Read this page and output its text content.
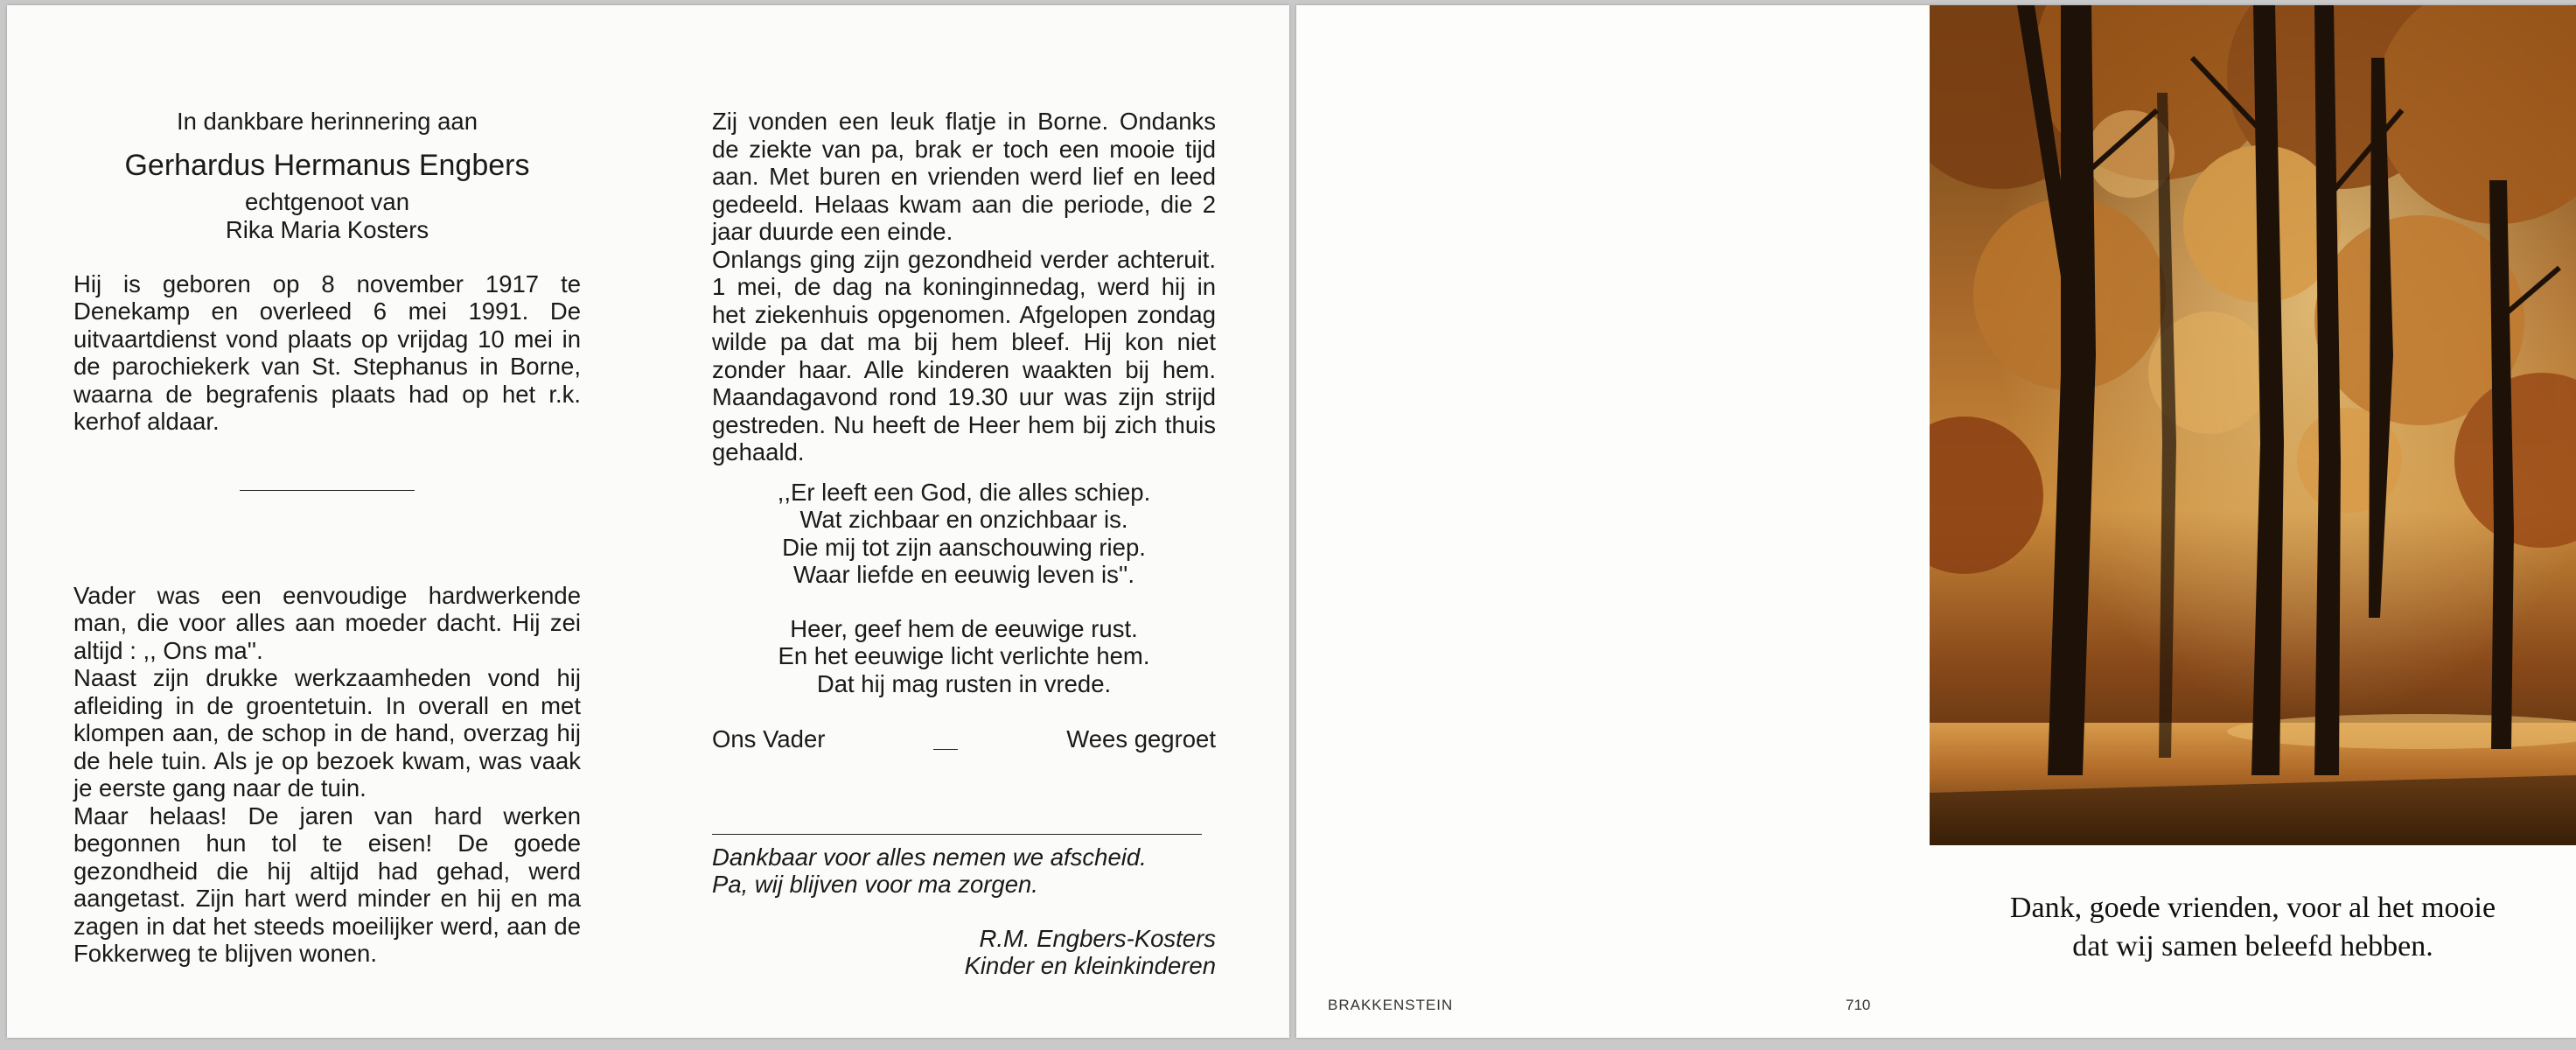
In dankbare herinnering aan
Gerhardus Hermanus Engbers
echtgenoot van
Rika Maria Kosters
Hij is geboren op 8 november 1917 te Denekamp en overleed 6 mei 1991. De uitvaartdienst vond plaats op vrijdag 10 mei in de parochiekerk van St. Stephanus in Borne, waarna de begrafenis plaats had op het r.k. kerhof aldaar.

Vader was een eenvoudige hardwerkende man, die voor alles aan moeder dacht. Hij zei altijd : ,, Ons ma''.

Naast zijn drukke werkzaamheden vond hij afleiding in de groentetuin. In overall en met klompen aan, de schop in de hand, overzag hij de hele tuin. Als je op bezoek kwam, was vaak je eerste gang naar de tuin.

Maar helaas! De jaren van hard werken begonnen hun tol te eisen! De goede gezondheid die hij altijd had gehad, werd aangetast. Zijn hart werd minder en hij en ma zagen in dat het steeds moeilijker werd, aan de Fokkerweg te blijven wonen.

Zij vonden een leuk flatje in Borne. Ondanks de ziekte van pa, brak er toch een mooie tijd aan. Met buren en vrienden werd lief en leed gedeeld. Helaas kwam aan die periode, die 2 jaar duurde een einde.

Onlangs ging zijn gezondheid verder achteruit. 1 mei, de dag na koninginnedag, werd hij in het ziekenhuis opgenomen. Afgelopen zondag wilde pa dat ma bij hem bleef. Hij kon niet zonder haar. Alle kinderen waakten bij hem. Maandagavond rond 19.30 uur was zijn strijd gestreden. Nu heeft de Heer hem bij zich thuis gehaald.

,,Er leeft een God, die alles schiep.
Wat zichbaar en onzichbaar is.
Die mij tot zijn aanschouwing riep.
Waar liefde en eeuwig leven is''.
Heer, geef hem de eeuwige rust.
En het eeuwige licht verlichte hem.
Dat hij mag rusten in vrede.
Ons Vader	Wees gegroet
Dankbaar voor alles nemen we afscheid.
Pa, wij blijven voor ma zorgen.
R.M. Engbers-Kosters
Kinder en kleinkinderen
BRAKKENSTEIN	710
Dank, goede vrienden, voor al het mooie
dat wij samen beleefd hebben.
